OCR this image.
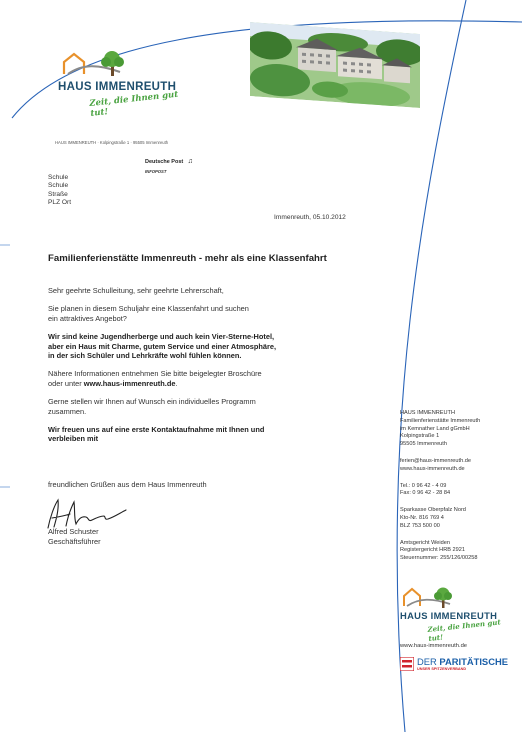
HAUS IMMENREUTH
Zeit, die Ihnen gut tut!
HAUS IMMENREUTH · Kolpingstraße 1 · 95505 Immenreuth
Deutsche Post ♫
INFOPOST
Schule
Schule
Straße
PLZ Ort
Immenreuth, 05.10.2012
Familienferienstätte Immenreuth - mehr als eine Klassenfahrt

Sehr geehrte Schulleitung, sehr geehrte Lehrerschaft,

Sie planen in diesem Schuljahr eine Klassenfahrt und suchen
ein attraktives Angebot?

Wir sind keine Jugendherberge und auch kein Vier-Sterne-Hotel,
aber ein Haus mit Charme, gutem Service und einer Atmosphäre,
in der sich Schüler und Lehrkräfte wohl fühlen können.

Nähere Informationen entnehmen Sie bitte beigelegter Broschüre
oder unter www.haus-immenreuth.de.

Gerne stellen wir Ihnen auf Wunsch ein individuelles Programm
zusammen.

Wir freuen uns auf eine erste Kontaktaufnahme mit Ihnen und
verbleiben mit

freundlichen Grüßen aus dem Haus Immenreuth
Alfred Schuster
Geschäftsführer

HAUS IMMENREUTH
Familienferienstätte Immenreuth
im Kemnather Land gGmbH
Kolpingstraße 1
95505 Immenreuth

ferien@haus-immenreuth.de
www.haus-immenreuth.de

Tel.: 0 96 42 - 4 09
Fax: 0 96 42 - 28 84

Sparkasse Oberpfalz Nord
Kto-Nr. 816 769 4
BLZ 753 500 00

Amtsgericht Weiden
Registergericht HRB 2921
Steuernummer: 255/126/00258

HAUS IMMENREUTH
Zeit, die Ihnen gut tut!
www.haus-immenreuth.de
DER PARITÄTISCHE
UNSER SPITZENVERBAND
